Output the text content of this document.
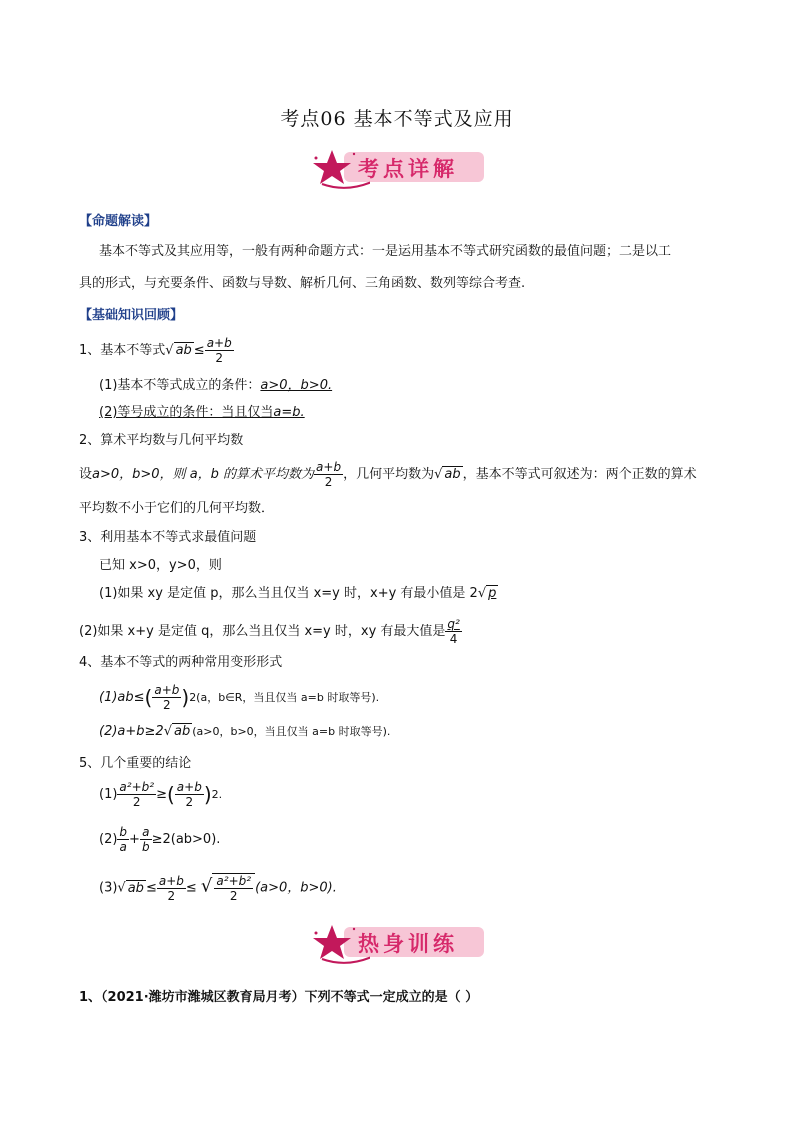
考点06 基本不等式及应用
考点详解
【命题解读】
基本不等式及其应用等，一般有两种命题方式：一是运用基本不等式研究函数的最值问题；二是以工
具的形式，与充要条件、函数与导数、解析几何、三角函数、数列等综合考查.
【基础知识回顾】
1、基本不等式√ ab ≤ $\frac{a+b}{2}$
(1)基本不等式成立的条件：a>0，b>0.
(2)等号成立的条件：当且仅当a=b.
2、算术平均数与几何平均数
设a>0，b>0，则 a，b 的算术平均数为 $\frac{a+b}{2}$ ，几何平均数为√ ab ，基本不等式可叙述为：两个正数的算术
平均数不小于它们的几何平均数．
3、利用基本不等式求最值问题
已知 x>0，y>0，则
(1)如果 xy 是定值 p，那么当且仅当 x=y 时，x+y 有最小值是 2√ p
(2)如果 x+y 是定值 q，那么当且仅当 x=y 时，xy 有最大值是 $\frac{\text{q²}}{4}$
4、基本不等式的两种常用变形形式
$(1)ab\le( \frac{a+b}{2} )2(a$，b∈R，当且仅当 a=b 时取等号).
(2)a+b≥2√ ab (a>0，b>0，当且仅当 a=b 时取等号).
5、几个重要的结论
$(1) \frac{\text{a²+b²}}{2}$ ≥( $\frac{a+b}{2} )2$.
$(2) \frac{b}{a} + \frac{a}{b} \ge 2(ab>0)$.
(3)√ ab ≤ $\frac{a+b}{2}$ ≤ √ $\frac{\text{a²+b²}}{2} (a>0$，b>0).
热身训练
1、（2021·潍坊市潍城区教育局月考）下列不等式一定成立的是（ ）
